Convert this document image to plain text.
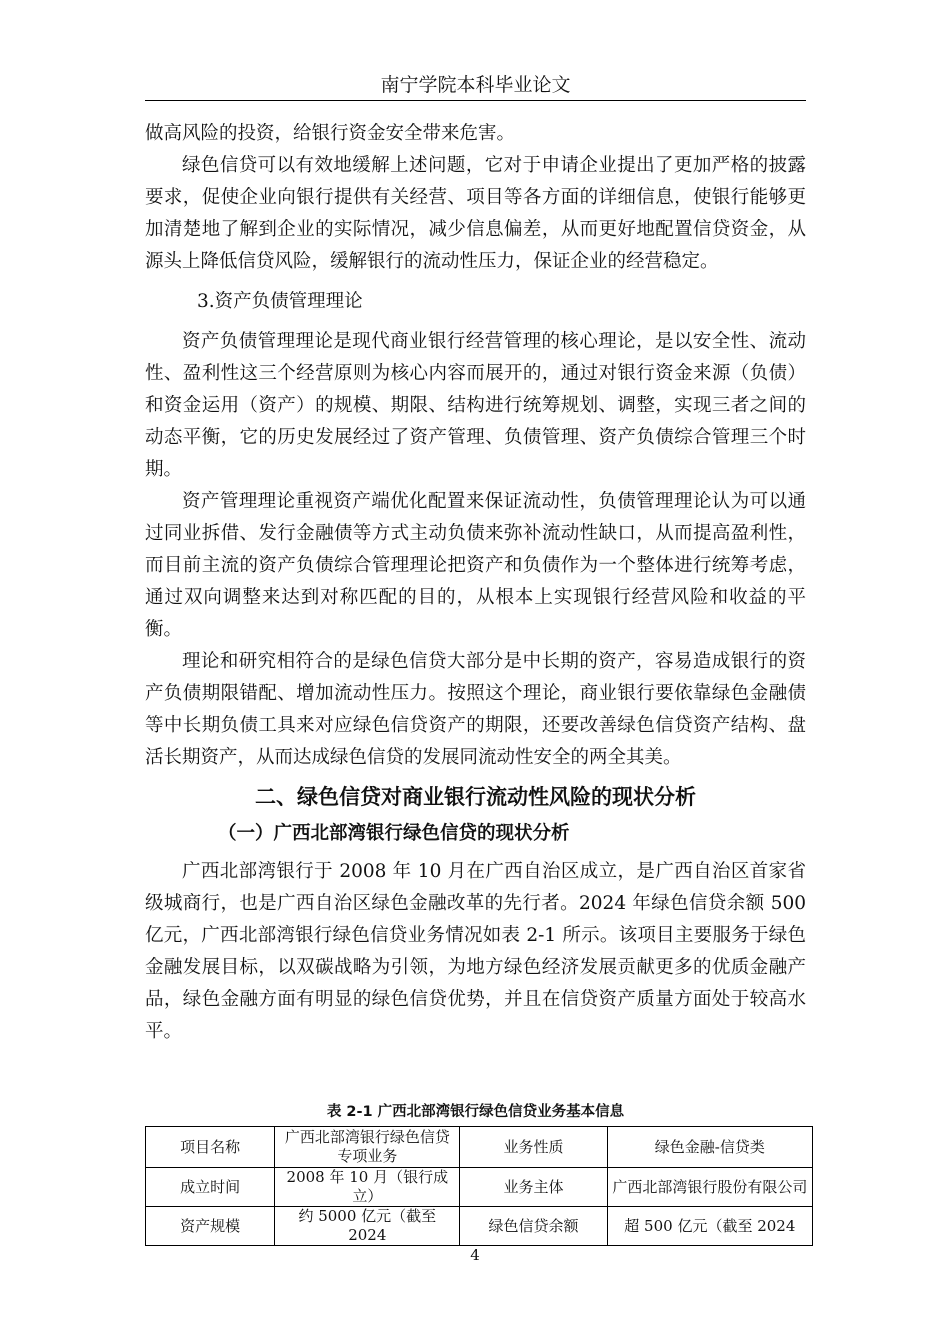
南宁学院本科毕业论文

做高风险的投资，给银行资金安全带来危害。

绿色信贷可以有效地缓解上述问题，它对于申请企业提出了更加严格的披露要求，促使企业向银行提供有关经营、项目等各方面的详细信息，使银行能够更加清楚地了解到企业的实际情况，减少信息偏差，从而更好地配置信贷资金，从源头上降低信贷风险，缓解银行的流动性压力，保证企业的经营稳定。

3.资产负债管理理论

资产负债管理理论是现代商业银行经营管理的核心理论，是以安全性、流动性、盈利性这三个经营原则为核心内容而展开的，通过对银行资金来源（负债）和资金运用（资产）的规模、期限、结构进行统筹规划、调整，实现三者之间的动态平衡，它的历史发展经过了资产管理、负债管理、资产负债综合管理三个时期。

资产管理理论重视资产端优化配置来保证流动性，负债管理理论认为可以通过同业拆借、发行金融债等方式主动负债来弥补流动性缺口，从而提高盈利性，而目前主流的资产负债综合管理理论把资产和负债作为一个整体进行统筹考虑，通过双向调整来达到对称匹配的目的，从根本上实现银行经营风险和收益的平衡。

理论和研究相符合的是绿色信贷大部分是中长期的资产，容易造成银行的资产负债期限错配、增加流动性压力。按照这个理论，商业银行要依靠绿色金融债等中长期负债工具来对应绿色信贷资产的期限，还要改善绿色信贷资产结构、盘活长期资产，从而达成绿色信贷的发展同流动性安全的两全其美。

二、绿色信贷对商业银行流动性风险的现状分析

（一）广西北部湾银行绿色信贷的现状分析

广西北部湾银行于 2008 年 10 月在广西自治区成立，是广西自治区首家省级城商行，也是广西自治区绿色金融改革的先行者。2024 年绿色信贷余额 500 亿元，广西北部湾银行绿色信贷业务情况如表 2-1 所示。该项目主要服务于绿色金融发展目标，以双碳战略为引领，为地方绿色经济发展贡献更多的优质金融产品，绿色金融方面有明显的绿色信贷优势，并且在信贷资产质量方面处于较高水平。

表 2-1 广西北部湾银行绿色信贷业务基本信息
项目名称	广西北部湾银行绿色信贷专项业务	业务性质	绿色金融-信贷类
成立时间	2008 年 10 月（银行成立）	业务主体	广西北部湾银行股份有限公司
资产规模	约 5000 亿元（截至 2024	绿色信贷余额	超 500 亿元（截至 2024
4
